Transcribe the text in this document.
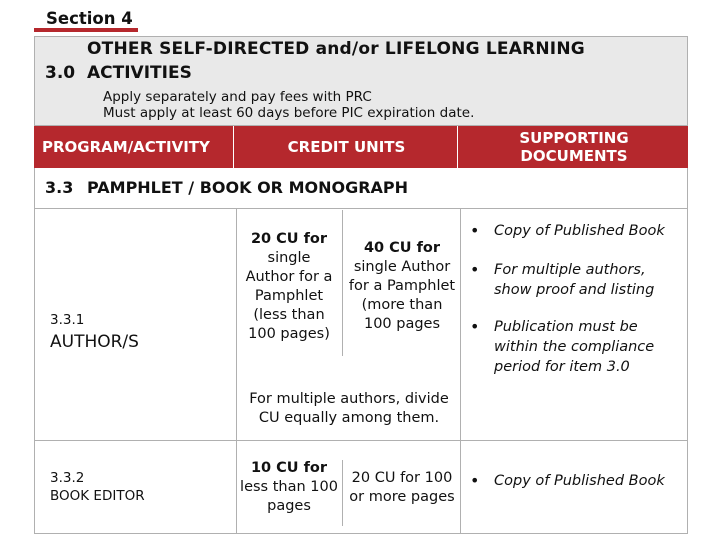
Section 4
OTHER SELF-DIRECTED and/or LIFELONG LEARNING
3.0 ACTIVITIES
Apply separately and pay fees with PRC
Must apply at least 60 days before PIC expiration date.
PROGRAM/ACTIVITY	CREDIT UNITS	SUPPORTING
DOCUMENTS
3.3 PAMPHLET / BOOK OR MONOGRAPH
3.3.1
AUTHOR/S
20 CU for
single
Author for a
Pamphlet
(less than
100 pages)
40 CU for
single Author
for a Pamphlet
(more than
100 pages
For multiple authors, divide
CU equally among them.
• Copy of Published Book
• For multiple authors,
show proof and listing
• Publication must be
within the compliance
period for item 3.0
3.3.2
BOOK EDITOR
10 CU for
less than 100
pages
20 CU for 100
or more pages
• Copy of Published Book
